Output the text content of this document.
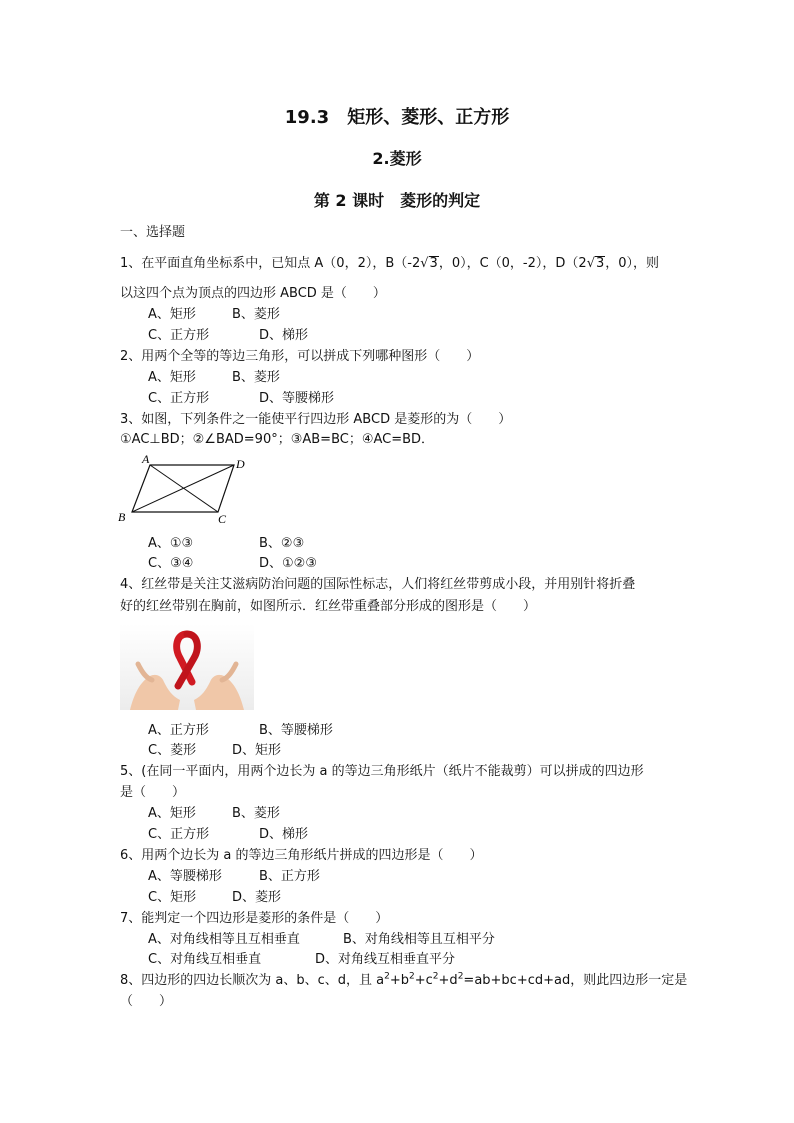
19.3　矩形、菱形、正方形
2.菱形
第 2 课时　菱形的判定
一、选择题
1、在平面直角坐标系中，已知点 A（0，2），B（-2√3，0），C（0，-2），D（2√3，0），则
以这四个点为顶点的四边形 ABCD 是（　　）
A、矩形	B、菱形
C、正方形	D、梯形
2、用两个全等的等边三角形，可以拼成下列哪种图形（　　）
A、矩形	B、菱形
C、正方形	D、等腰梯形
3、如图，下列条件之一能使平行四边形 ABCD 是菱形的为（　　）
①AC⊥BD；②∠BAD=90°；③AB=BC；④AC=BD．
A	D
B	C
A、①③	B、②③
C、③④	D、①②③
4、红丝带是关注艾滋病防治问题的国际性标志，人们将红丝带剪成小段，并用别针将折叠
好的红丝带别在胸前，如图所示．红丝带重叠部分形成的图形是（　　）
A、正方形	B、等腰梯形
C、菱形	D、矩形
5、(在同一平面内，用两个边长为 a 的等边三角形纸片（纸片不能裁剪）可以拼成的四边形
是（　　）
A、矩形	B、菱形
C、正方形	D、梯形
6、用两个边长为 a 的等边三角形纸片拼成的四边形是（　　）
A、等腰梯形	B、正方形
C、矩形	D、菱形
7、能判定一个四边形是菱形的条件是（　　）
A、对角线相等且互相垂直	B、对角线相等且互相平分
C、对角线互相垂直	D、对角线互相垂直平分
8、四边形的四边长顺次为 a、b、c、d，且 $a^2+b^2+c^2+d^2=ab+bc+cd+ad$，则此四边形一定是
（　　）
